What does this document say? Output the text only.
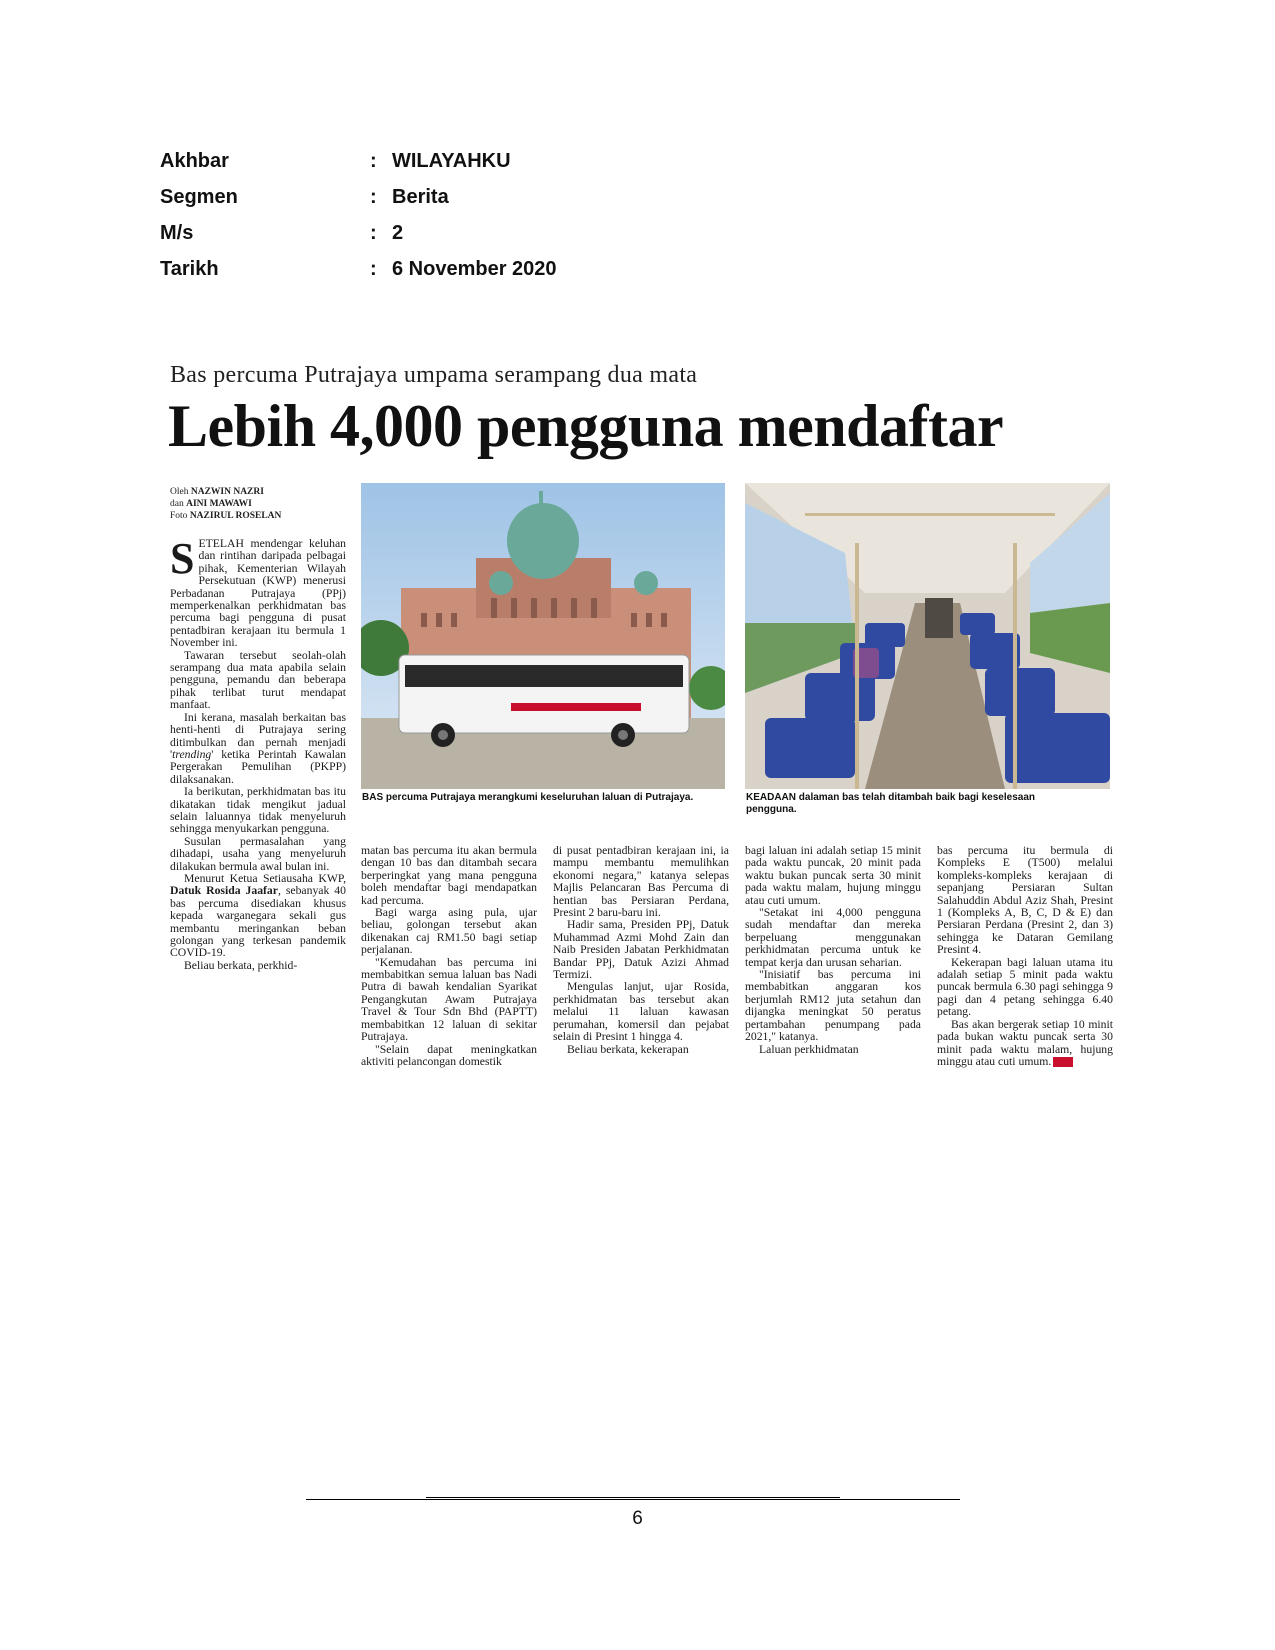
Akhbar	: WILAYAHKU
Segmen	: Berita
M/s	: 2
Tarikh	: 6 November 2020
Bas percuma Putrajaya umpama serampang dua mata
Lebih 4,000 pengguna mendaftar
Oleh NAZWIN NAZRI
dan AINI MAWAWI
Foto NAZIRUL ROSELAN

SETELAH mendengar keluhan dan rintihan daripada pelbagai pihak, Kementerian Wilayah Persekutuan (KWP) menerusi Perbadanan Putrajaya (PPj) memperkenalkan perkhidmatan bas percuma bagi pengguna di pusat pentadbiran kerajaan itu bermula 1 November ini.

Tawaran tersebut seolah-olah serampang dua mata apabila selain pengguna, pemandu dan beberapa pihak terlibat turut mendapat manfaat.

Ini kerana, masalah berkaitan bas henti-henti di Putrajaya sering ditimbulkan dan pernah menjadi 'trending' ketika Perintah Kawalan Pergerakan Pemulihan (PKPP) dilaksanakan.

Ia berikutan, perkhidmatan bas itu dikatakan tidak mengikut jadual selain laluannya tidak menyeluruh sehingga menyukarkan pengguna.

Susulan permasalahan yang dihadapi, usaha yang menyeluruh dilakukan bermula awal bulan ini.

Menurut Ketua Setiausaha KWP, Datuk Rosida Jaafar, sebanyak 40 bas percuma disediakan khusus kepada warganegara sekali gus membantu meringankan beban golongan yang terkesan pandemik COVID-19.

Beliau berkata, perkhid-

BAS percuma Putrajaya merangkumi keseluruhan laluan di Putrajaya.	KEADAAN dalaman bas telah ditambah baik bagi keselesaan pengguna.

matan bas percuma itu akan bermula dengan 10 bas dan ditambah secara berperingkat yang mana pengguna boleh mendaftar bagi mendapatkan kad percuma.

Bagi warga asing pula, ujar beliau, golongan tersebut akan dikenakan caj RM1.50 bagi setiap perjalanan.

"Kemudahan bas percuma ini membabitkan semua laluan bas Nadi Putra di bawah kendalian Syarikat Pengangkutan Awam Putrajaya Travel & Tour Sdn Bhd (PAPTT) membabitkan 12 laluan di sekitar Putrajaya.

"Selain dapat meningkatkan aktiviti pelancongan domestik

di pusat pentadbiran kerajaan ini, ia mampu membantu memulihkan ekonomi negara," katanya selepas Majlis Pelancaran Bas Percuma di hentian bas Persiaran Perdana, Presint 2 baru-baru ini.

Hadir sama, Presiden PPj, Datuk Muhammad Azmi Mohd Zain dan Naib Presiden Jabatan Perkhidmatan Bandar PPj, Datuk Azizi Ahmad Termizi.

Mengulas lanjut, ujar Rosida, perkhidmatan bas tersebut akan melalui 11 laluan kawasan perumahan, komersil dan pejabat selain di Presint 1 hingga 4.

Beliau berkata, kekerapan

bagi laluan ini adalah setiap 15 minit pada waktu puncak, 20 minit pada waktu bukan puncak serta 30 minit pada waktu malam, hujung minggu atau cuti umum.

"Setakat ini 4,000 pengguna sudah mendaftar dan mereka berpeluang menggunakan perkhidmatan percuma untuk ke tempat kerja dan urusan seharian.

"Inisiatif bas percuma ini membabitkan anggaran kos berjumlah RM12 juta setahun dan dijangka meningkat 50 peratus pertambahan penumpang pada 2021," katanya.

Laluan perkhidmatan

bas percuma itu bermula di Kompleks E (T500) melalui kompleks-kompleks kerajaan di sepanjang Persiaran Sultan Salahuddin Abdul Aziz Shah, Presint 1 (Kompleks A, B, C, D & E) dan Persiaran Perdana (Presint 2, dan 3) sehingga ke Dataran Gemilang Presint 4.

Kekerapan bagi laluan utama itu adalah setiap 5 minit pada waktu puncak bermula 6.30 pagi sehingga 9 pagi dan 4 petang sehingga 6.40 petang.

Bas akan bergerak setiap 10 minit pada bukan waktu puncak serta 30 minit pada waktu malam, hujung minggu atau cuti umum.

6
